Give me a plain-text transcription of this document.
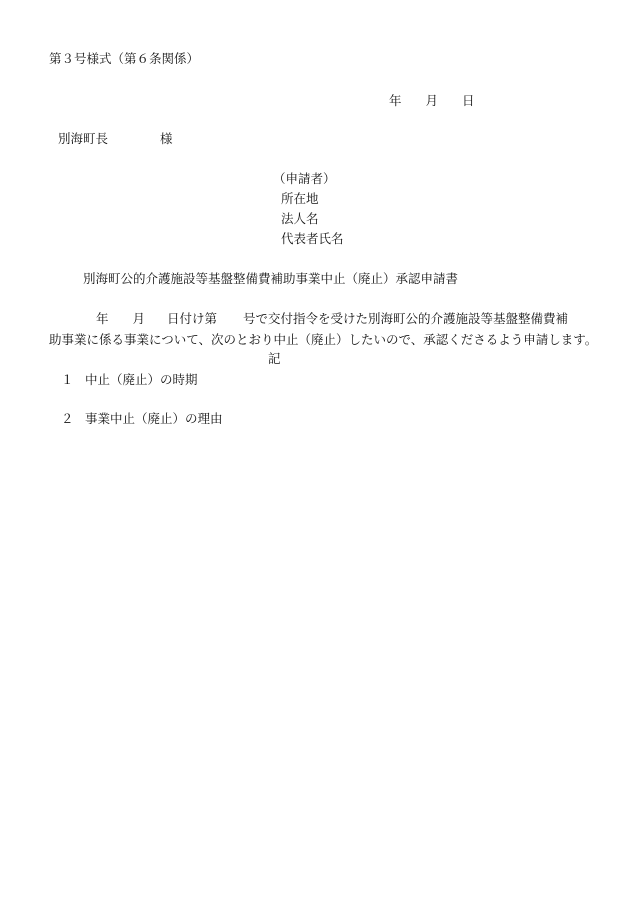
第３号様式（第６条関係）
年 月 日
別海町長	様
（申請者）
所在地
法人名
代表者氏名
別海町公的介護施設等基盤整備費補助事業中止（廃止）承認申請書
年 月 日付け第 号で交付指令を受けた別海町公的介護施設等基盤整備費補
助事業に係る事業について、次のとおり中止（廃止）したいので、承認くださるよう申請します。
記
１ 中止（廃止）の時期
２ 事業中止（廃止）の理由
